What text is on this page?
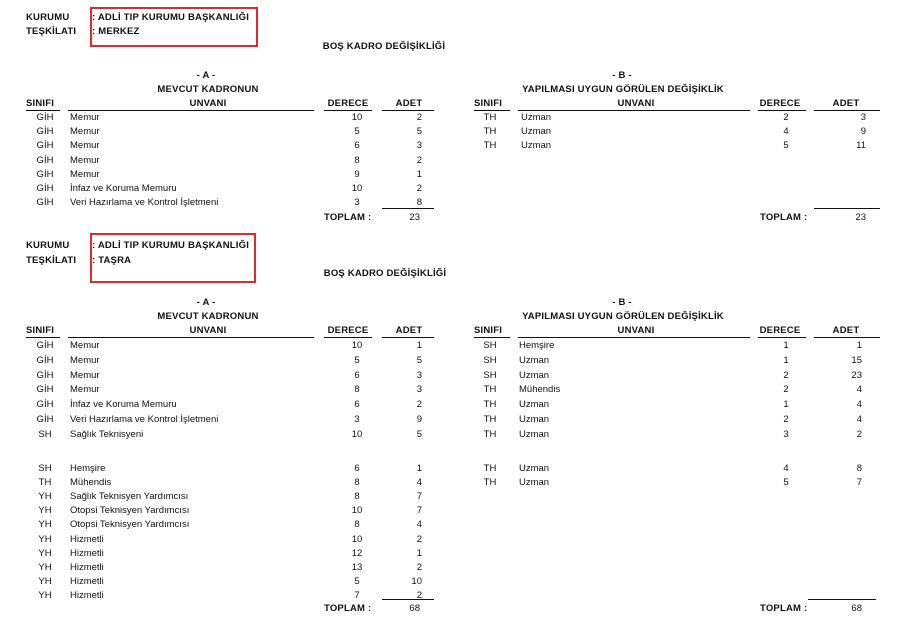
KURUMU
TEŞKİLATI
: ADLİ TIP KURUMU BAŞKANLIĞI
: MERKEZ
BOŞ KADRO DEĞİŞİKLİĞİ
- A -
MEVCUT KADRONUN
SINIFI	UNVANI	DERECE	ADET
GİH Memur	10	2
GİH Memur	5	5
GİH Memur	6	3
GİH Memur	8	2
GİH Memur	9	1
GİH İnfaz ve Koruma Memuru	10	2
GİH Veri Hazırlama ve Kontrol İşletmeni	3	8
TOPLAM :	23
- B -
YAPILMASI UYGUN GÖRÜLEN DEĞİŞİKLİK
SINIFI	UNVANI	DERECE	ADET
TH	Uzman	2	3
TH	Uzman	4	9
TH	Uzman	5	11
TOPLAM :	23
KURUMU
TEŞKİLATI
: ADLİ TIP KURUMU BAŞKANLIĞI
: TAŞRA
BOŞ KADRO DEĞİŞİKLİĞİ
- A -
MEVCUT KADRONUN
SINIFI	UNVANI	DERECE	ADET
GİH Memur	10	1
GİH Memur	5	5
GİH Memur	6	3
GİH Memur	8	3
GİH İnfaz ve Koruma Memuru	6	2
GİH Veri Hazırlama ve Kontrol İşletmeni	3	9
SH Sağlık Teknisyeni	10	5
SH Hemşire	6	1
TH Mühendis	8	4
YH Sağlık Teknisyen Yardımcısı	8	7
YH Otopsi Teknisyen Yardımcısı	10	7
YH Otopsi Teknisyen Yardımcısı	8	4
YH Hizmetli	10	2
YH Hizmetli	12	1
YH Hizmetli	13	2
YH Hizmetli	5	10
YH Hizmetli	7	2
TOPLAM :	68
- B -
YAPILMASI UYGUN GÖRÜLEN DEĞİŞİKLİK
SINIFI	UNVANI	DERECE	ADET
SH Hemşire	1	1
SH Uzman	1	15
SH Uzman	2	23
TH Mühendis	2	4
TH Uzman	1	4
TH Uzman	2	4
TH Uzman	3	2
TH Uzman	4	8
TH Uzman	5	7
TOPLAM :	68
